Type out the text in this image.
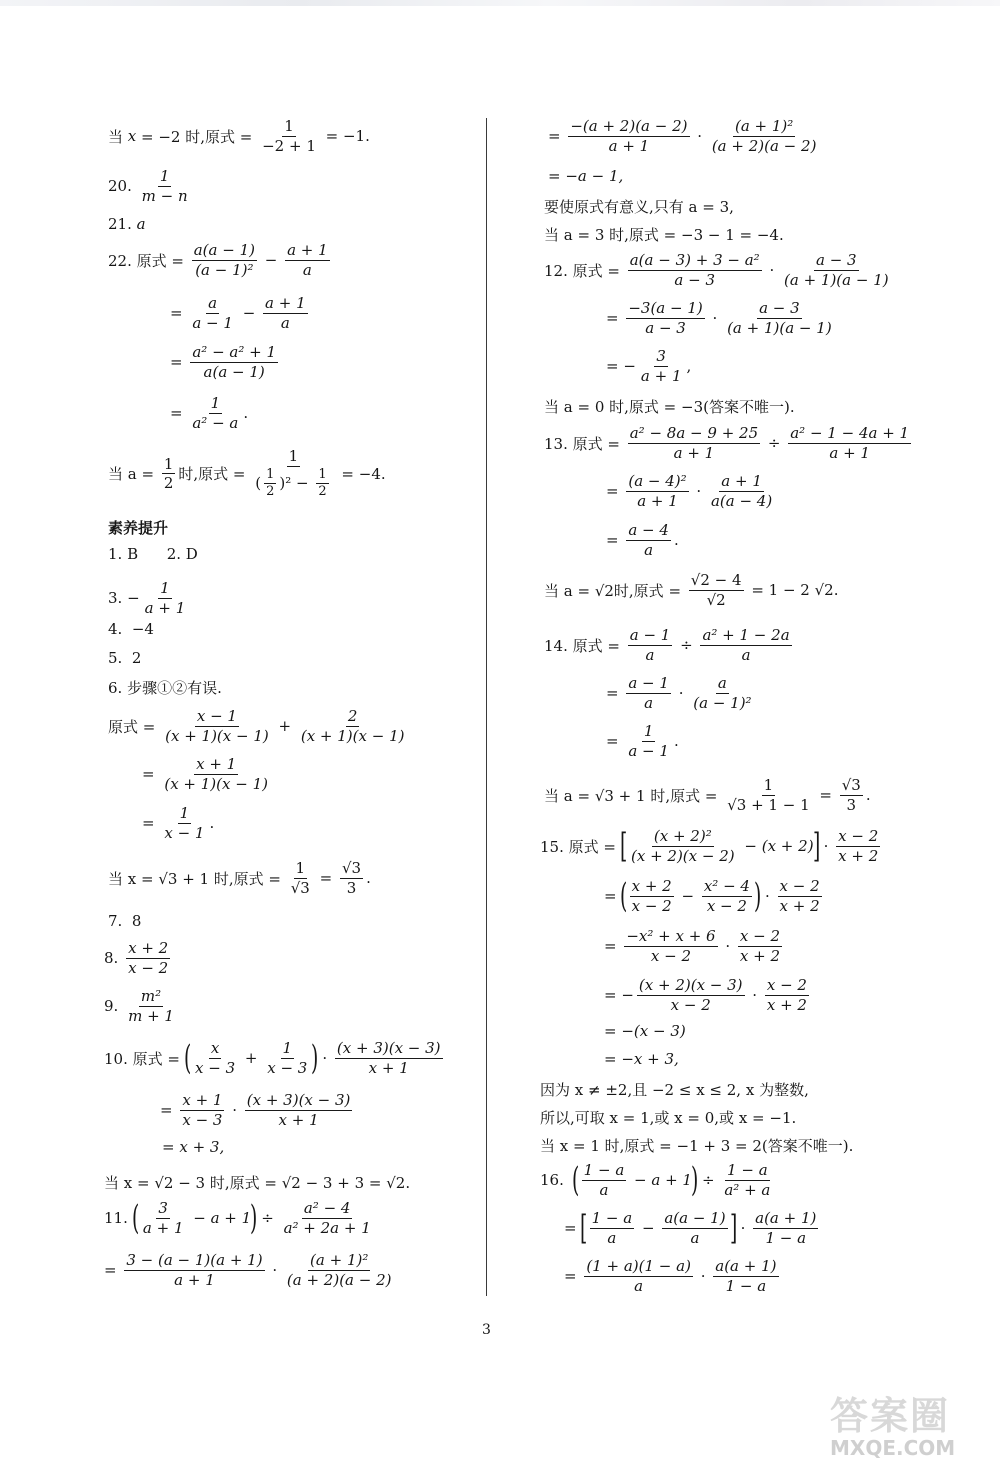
当 x = −2 时,原式 = $\frac{1}{-2 + 1} = -1$.
20. $\frac{1}{m - n}$
21. a
22. 原式 = $\frac{a(a - 1)}{\text{(a − 1)²}} - \frac{a + 1}{a}$
= $\frac{a}{a - 1} - \frac{a + 1}{a}$
= $\frac{\text{a² − a² + 1}}{a(a - 1)}$
= $\frac{1}{\text{a² − a}}$ .
当 $a = \frac{1}{2}$ 时,原式 = $\frac{1}{( \frac{1}{2} )^2 - \frac{1}{2}} = -4$.
素养提升
1. B      2. D
3. − $\frac{1}{a + 1}$
4.  −4
5.  2
6. 步骤①②有误.
原式 = $\frac{x - 1}{(x + 1)(x - 1)} + \frac{2}{(x + 1)(x - 1)}$
= $\frac{x + 1}{(x + 1)(x - 1)}$
= $\frac{1}{x - 1}$ .
当 x = √3 + 1 时,原式 = $\frac{1}{√3} = \frac{√3}{3}$ .
7.  8
8. $\frac{x + 2}{x - 2}$
9. $\frac{\text{m²}}{m + 1}$
10. 原式 =
( $\frac{x}{x - 3} + \frac{1}{x - 3}$ )
· $\frac{(x + 3)(x - 3)}{x + 1}$
= $\frac{x + 1}{x - 3} \cdot \frac{(x + 3)(x - 3)}{x + 1}$
= x + 3,
当 x = √2 − 3 时,原式 = √2 − 3 + 3 = √2.
11.
( $\frac{3}{a + 1} - a + 1$
)
÷ $\frac{\text{a² − 4}}{\text{a² + 2a + 1}}$
= $\frac{3 - (a - 1)(a + 1)}{a + 1} \cdot \frac{\text{(a + 1)²}}{(a + 2)(a - 2)}$
= $\frac{-(a + 2)(a - 2)}{a + 1} \cdot \frac{\text{(a + 1)²}}{(a + 2)(a - 2)}$
= −a − 1,
要使原式有意义,只有 a = 3,
当 a = 3 时,原式 = −3 − 1 = −4.
12. 原式 = $\frac{\text{a(a − 3) + 3 − a²}}{a - 3} \cdot \frac{a - 3}{(a + 1)(a - 1)}$
= $\frac{-3(a - 1)}{a - 3} \cdot \frac{a - 3}{(a + 1)(a - 1)}$
= − $\frac{3}{a + 1}$ ,
当 a = 0 时,原式 = −3(答案不唯一).
13. 原式 = $\frac{\text{a² − 8a − 9 + 25}}{a + 1} \div \frac{\text{a² − 1 − 4a + 1}}{a + 1}$
= $\frac{\text{(a − 4)²}}{a + 1} \cdot \frac{a + 1}{a(a - 4)}$
= $\frac{a - 4}{a}$ .
当 a = √2时,原式 = $\frac{√2 - 4}{√2} = 1 - 2$ √2.
14. 原式 = $\frac{a - 1}{a} \div \frac{\text{a² + 1 − 2a}}{a}$
= $\frac{a - 1}{a} \cdot \frac{a}{\text{(a − 1)²}}$
= $\frac{1}{a - 1}$ .
当 a = √3 + 1 时,原式 = $\frac{1}{√3 + 1 - 1} = \frac{√3}{3}$ .
15. 原式 =
[ $\frac{\text{(x + 2)²}}{(x + 2)(x - 2)} - (x + 2)$
]
· $\frac{x - 2}{x + 2}$
=
( $\frac{x + 2}{x - 2} - \frac{\text{x² − 4}}{x - 2}$ )
· $\frac{x - 2}{x + 2}$
= $\frac{\text{−x² + x + 6}}{x - 2} \cdot \frac{x - 2}{x + 2}$
= − $\frac{(x + 2)(x - 3)}{x - 2} \cdot \frac{x - 2}{x + 2}$
= −(x − 3)
= −x + 3,
因为 x ≠ ±2,且 −2 ≤ x ≤ 2, x 为整数,
所以,可取 x = 1,或 x = 0,或 x = −1.
当 x = 1 时,原式 = −1 + 3 = 2(答案不唯一).
16.
( $\frac{1 - a}{a} - a + 1$
)
÷ $\frac{1 - a}{\text{a² + a}}$
=
[ $\frac{1 - a}{a} - \frac{a(a - 1)}{a}$ ]
· $\frac{a(a + 1)}{1 - a}$
= $\frac{(1 + a)(1 - a)}{a} \cdot \frac{a(a + 1)}{1 - a}$
3
答案圈
MXQE.COM
